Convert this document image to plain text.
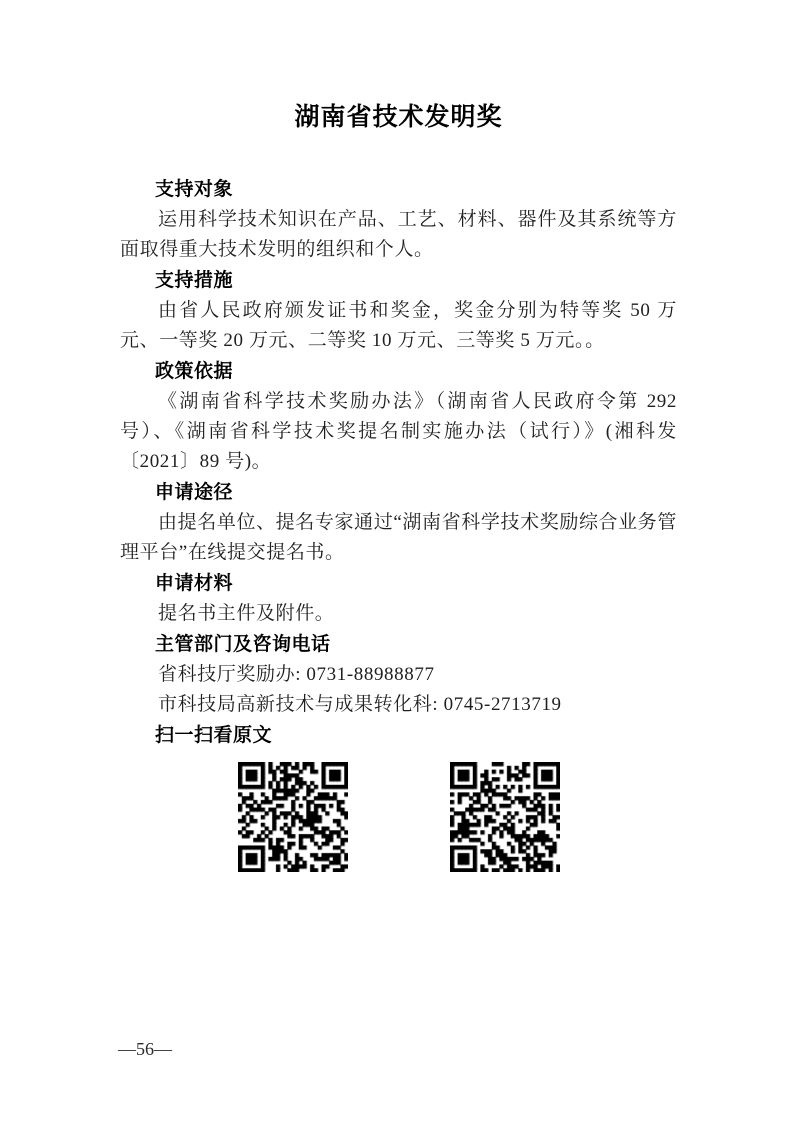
湖南省技术发明奖
支持对象

运用科学技术知识在产品、工艺、材料、器件及其系统等方面取得重大技术发明的组织和个人。

支持措施

由省人民政府颁发证书和奖金，奖金分别为特等奖 50 万元、一等奖 20 万元、二等奖 10 万元、三等奖 5 万元。。

政策依据

《湖南省科学技术奖励办法》（湖南省人民政府令第 292 号）、《湖南省科学技术奖提名制实施办法（试行）》(湘科发〔2021〕89 号)。

申请途径

由提名单位、提名专家通过“湖南省科学技术奖励综合业务管理平台”在线提交提名书。

申请材料

提名书主件及附件。

主管部门及咨询电话

省科技厅奖励办: 0731-88988877

市科技局高新技术与成果转化科: 0745-2713719

扫一扫看原文
—56—
